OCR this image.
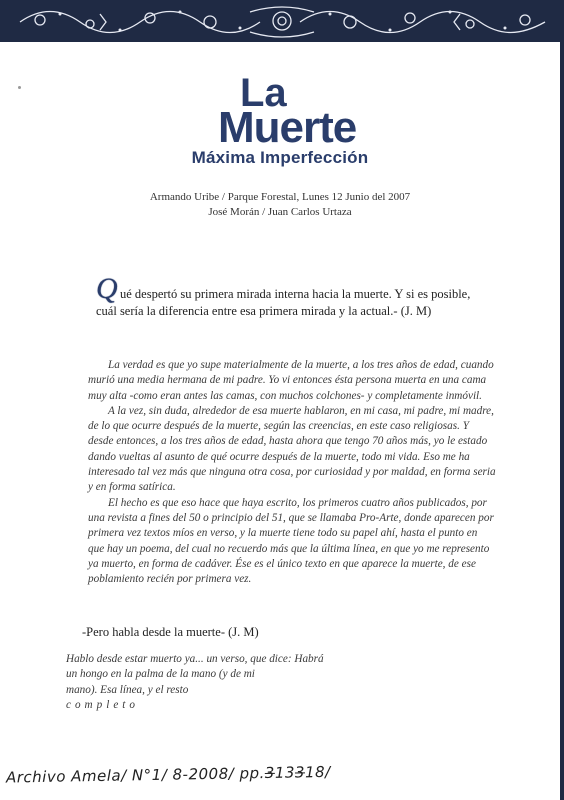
La
Muerte
Máxima Imperfección
Armando Uribe / Parque Forestal, Lunes 12 Junio del 2007
José Morán / Juan Carlos Urtaza
Q ué despertó su primera mirada interna hacia la muerte. Y si es posible, cuál sería la diferencia entre esa primera mirada y la actual.- (J. M)

La verdad es que yo supe materialmente de la muerte, a los tres años de edad, cuando murió una media hermana de mi padre. Yo vi entonces ésta persona muerta en una cama muy alta -como eran antes las camas, con muchos colchones- y completamente inmóvil.

A la vez, sin duda, alrededor de esa muerte hablaron, en mi casa, mi padre, mi madre, de lo que ocurre después de la muerte, según las creencias, en este caso religiosas. Y desde entonces, a los tres años de edad, hasta ahora que tengo 70 años más, yo le estado dando vueltas al asunto de qué ocurre después de la muerte, todo mi vida. Eso me ha interesado tal vez más que ninguna otra cosa, por curiosidad y por maldad, en forma seria y en forma satírica.

El hecho es que eso hace que haya escrito, los primeros cuatro años publicados, por una revista a fines del 50 o principio del 51, que se llamaba Pro-Arte, donde aparecen por primera vez textos míos en verso, y la muerte tiene todo su papel ahí, hasta el punto en que hay un poema, del cual no recuerdo más que la última línea, en que yo me represento ya muerto, en forma de cadáver. Ése es el único texto en que aparece la muerte, de ese poblamiento recién por primera vez.

-Pero habla desde la muerte- (J. M)
Hablo desde estar muerto ya... un verso, que dice: Habrá
un hongo en la palma de la mano (y de mi
mano). Esa línea, y el resto
completo
Archivo Amela/ N°1/ 8-2008/ pp.313318/
